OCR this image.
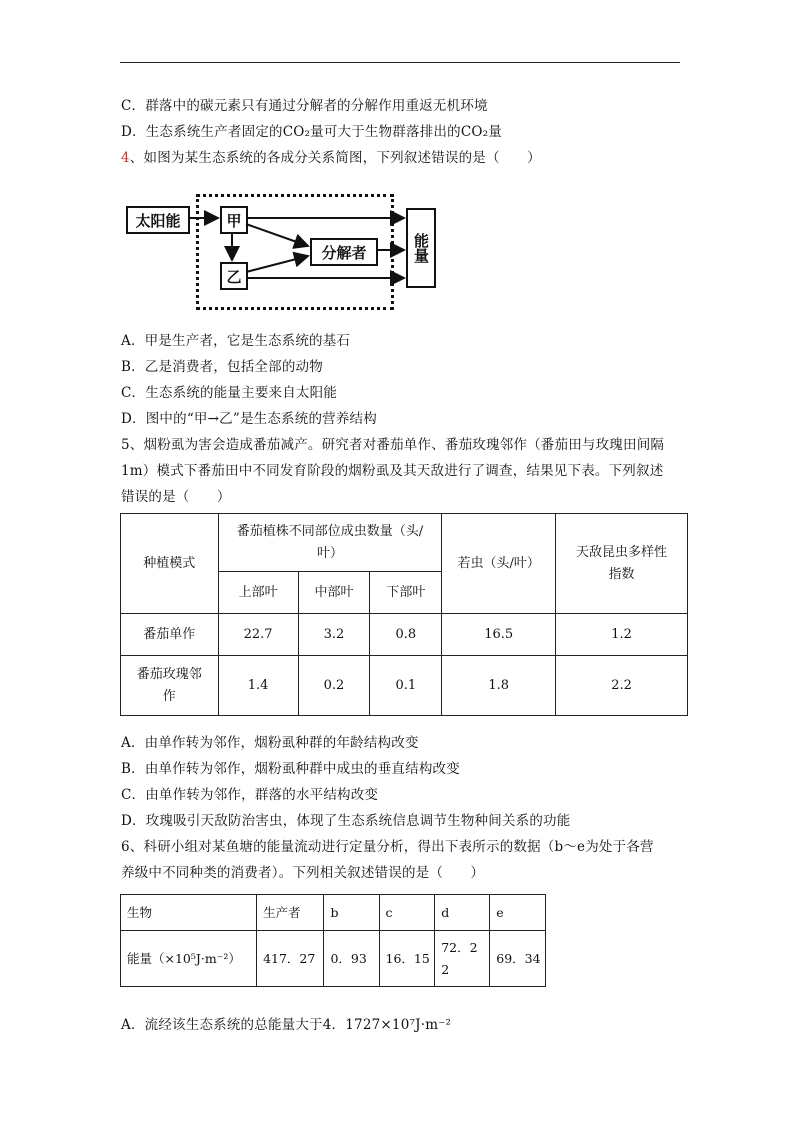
C．群落中的碳元素只有通过分解者的分解作用重返无机环境
D．生态系统生产者固定的CO₂量可大于生物群落排出的CO₂量
4、如图为某生态系统的各成分关系简图，下列叙述错误的是（　　）
太阳能	甲
乙
分解者	能量
A．甲是生产者，它是生态系统的基石
B．乙是消费者，包括全部的动物
C．生态系统的能量主要来自太阳能
D．图中的“甲→乙”是生态系统的营养结构
5、烟粉虱为害会造成番茄减产。研究者对番茄单作、番茄玫瑰邻作（番茄田与玫瑰田间隔
1m）模式下番茄田中不同发育阶段的烟粉虱及其天敌进行了调查，结果见下表。下列叙述
错误的是（　　）
种植模式	番茄植株不同部位成虫数量（头/叶）			若虫（头/叶）	天敌昆虫多样性指数
	上部叶	中部叶	下部叶		
番茄单作	22.7	3.2	0.8	16.5	1.2
番茄玫瑰邻作	1.4	0.2	0.1	1.8	2.2
A．由单作转为邻作，烟粉虱种群的年龄结构改变
B．由单作转为邻作，烟粉虱种群中成虫的垂直结构改变
C．由单作转为邻作，群落的水平结构改变
D．玫瑰吸引天敌防治害虫，体现了生态系统信息调节生物种间关系的功能
6、科研小组对某鱼塘的能量流动进行定量分析，得出下表所示的数据（b～e为处于各营
养级中不同种类的消费者）。下列相关叙述错误的是（　　）
生物	生产者	b	c	d	e
能量（×10⁵J·m⁻²）	417．27	0．93	16．15	72．22	69．34
A．流经该生态系统的总能量大于4．1727×10⁷J·m⁻²
